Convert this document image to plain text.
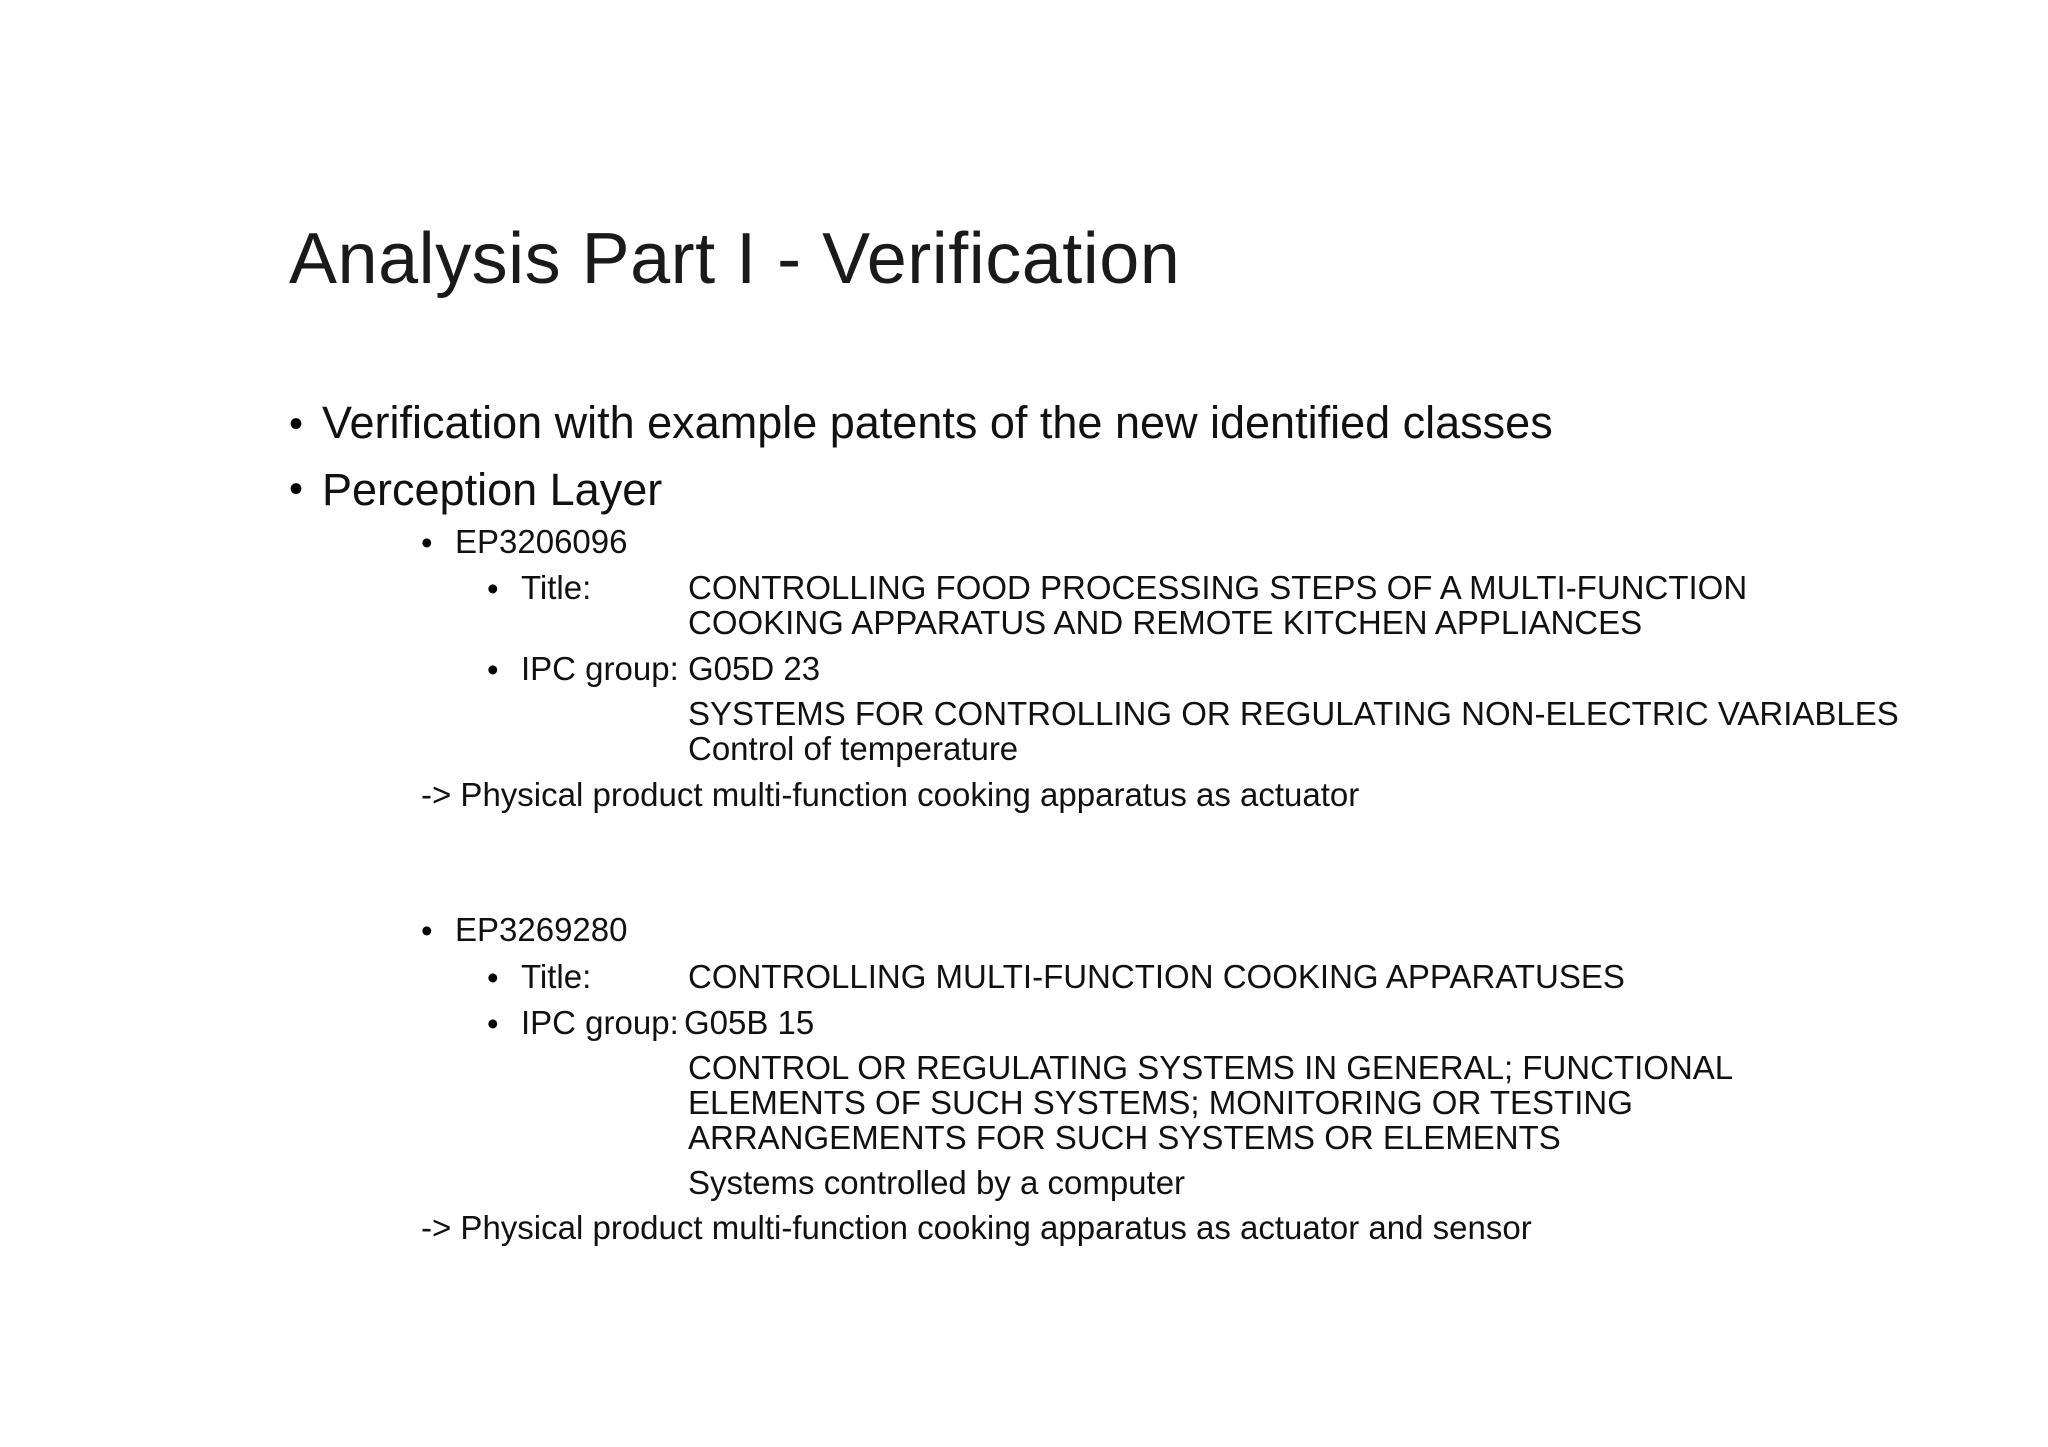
Analysis Part I - Verification
• Verification with example patents of the new identified classes
• Perception Layer
• EP3206096
• Title:	CONTROLLING FOOD PROCESSING STEPS OF A MULTI-FUNCTION
COOKING APPARATUS AND REMOTE KITCHEN APPLIANCES
• IPC group: G05D 23
SYSTEMS FOR CONTROLLING OR REGULATING NON-ELECTRIC VARIABLES
Control of temperature
-> Physical product multi-function cooking apparatus as actuator
• EP3269280
• Title:	CONTROLLING MULTI-FUNCTION COOKING APPARATUSES
• IPC group: G05B 15
CONTROL OR REGULATING SYSTEMS IN GENERAL; FUNCTIONAL
ELEMENTS OF SUCH SYSTEMS; MONITORING OR TESTING
ARRANGEMENTS FOR SUCH SYSTEMS OR ELEMENTS
Systems controlled by a computer
-> Physical product multi-function cooking apparatus as actuator and sensor
